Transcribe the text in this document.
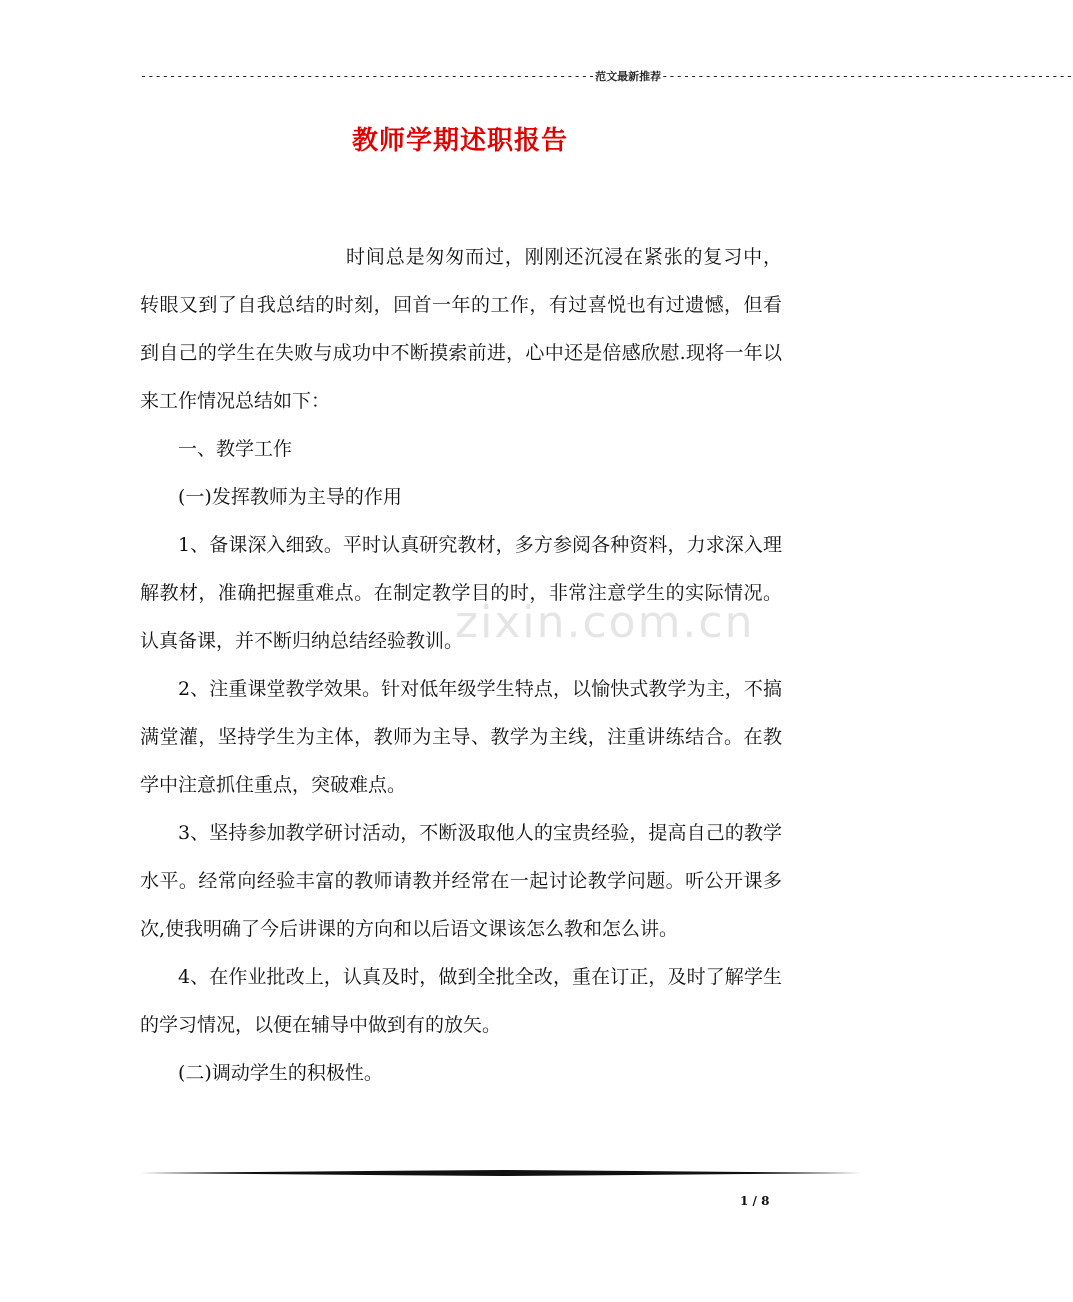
---------------------------------------------------------------范文最新推荐---------------------------------------------------------
教师学期述职报告

时间总是匆匆而过，刚刚还沉浸在紧张的复习中，转眼又到了自我总结的时刻，回首一年的工作，有过喜悦也有过遗憾，但看到自己的学生在失败与成功中不断摸索前进，心中还是倍感欣慰.现将一年以来工作情况总结如下：

一、教学工作

(一)发挥教师为主导的作用

1、备课深入细致。平时认真研究教材，多方参阅各种资料，力求深入理解教材，准确把握重难点。在制定教学目的时，非常注意学生的实际情况。认真备课，并不断归纳总结经验教训。

2、注重课堂教学效果。针对低年级学生特点，以愉快式教学为主，不搞满堂灌，坚持学生为主体，教师为主导、教学为主线，注重讲练结合。在教学中注意抓住重点，突破难点。

3、坚持参加教学研讨活动，不断汲取他人的宝贵经验，提高自己的教学水平。经常向经验丰富的教师请教并经常在一起讨论教学问题。听公开课多次,使我明确了今后讲课的方向和以后语文课该怎么教和怎么讲。

4、在作业批改上，认真及时，做到全批全改，重在订正，及时了解学生的学习情况，以便在辅导中做到有的放矢。

(二)调动学生的积极性。

zixin.com.cn
1 / 8
